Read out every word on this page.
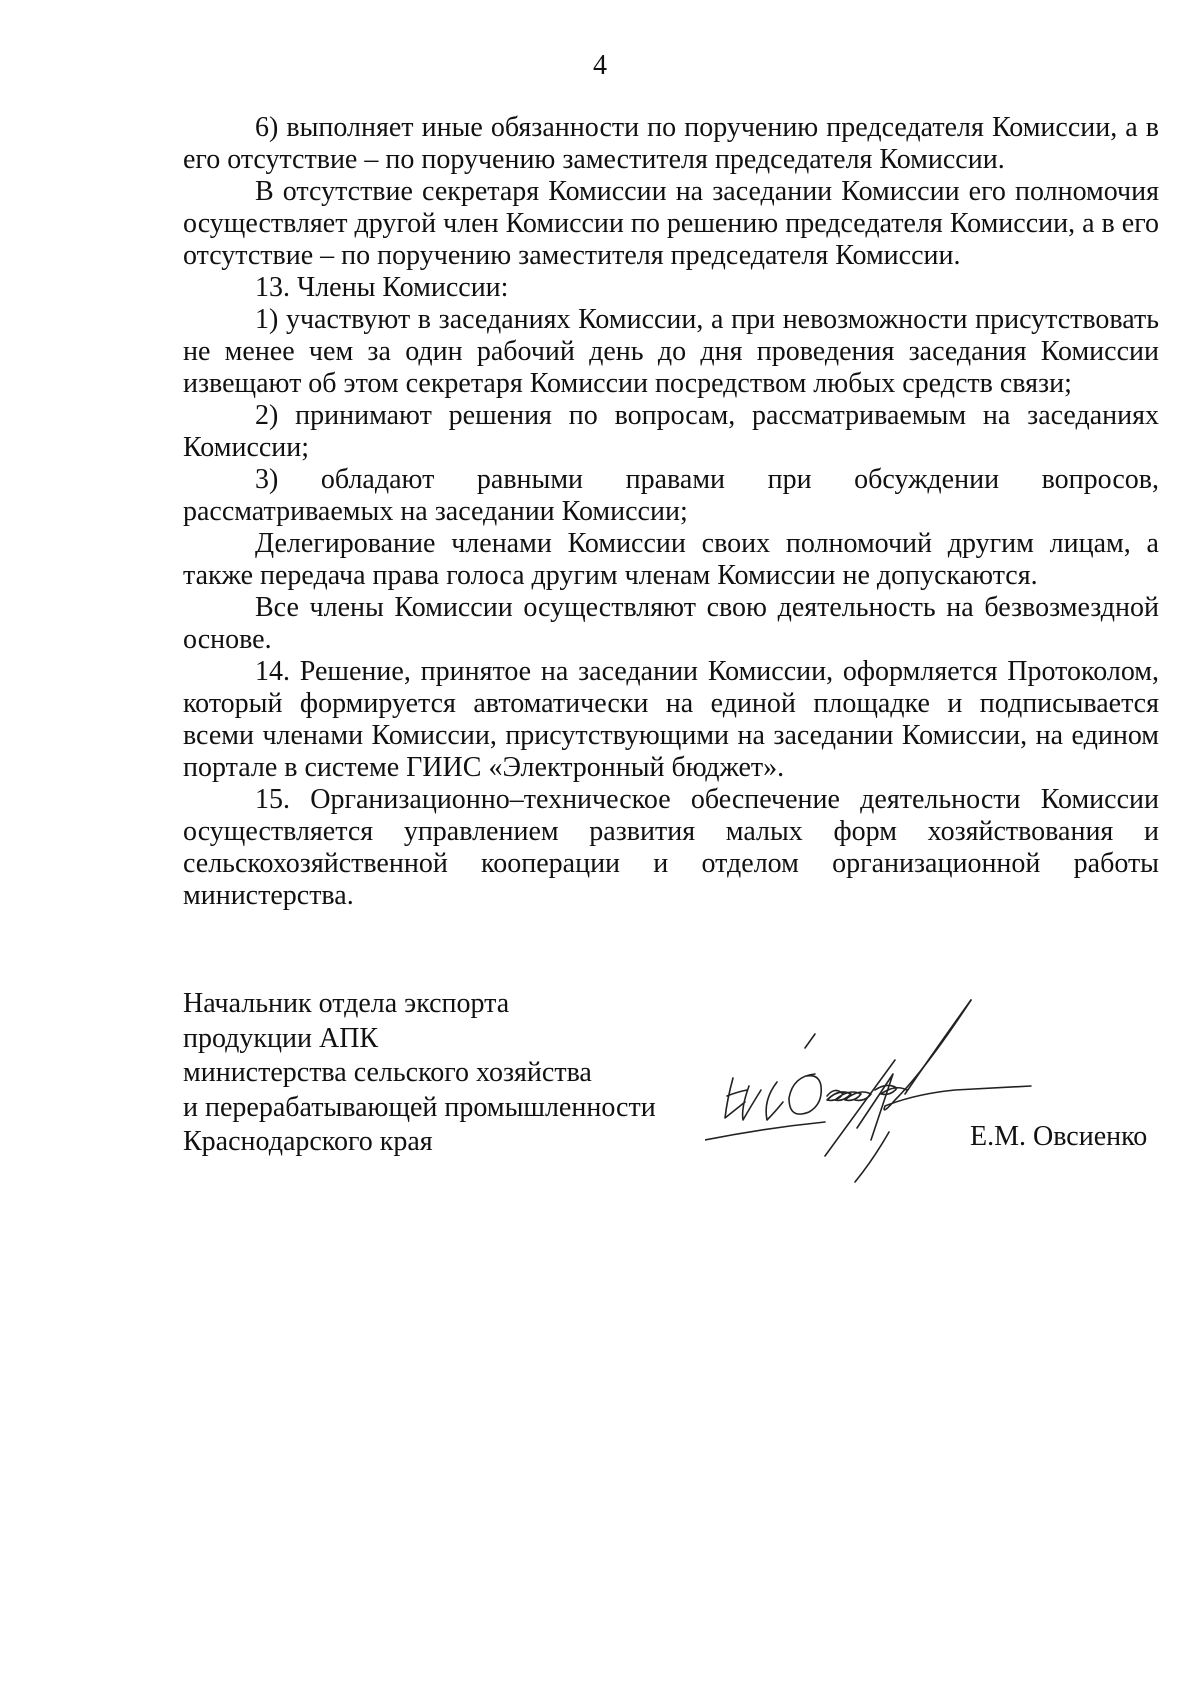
4

6) выполняет иные обязанности по поручению председателя Комиссии, а в его отсутствие – по поручению заместителя председателя Комиссии.

В отсутствие секретаря Комиссии на заседании Комиссии его полномочия осуществляет другой член Комиссии по решению председателя Комиссии, а в его отсутствие – по поручению заместителя председателя Комиссии.

13. Члены Комисcии:

1) участвуют в заседаниях Комиссии, а при невозможности присутствовать не менее чем за один рабочий день до дня проведения заседания Комиссии извещают об этом секретаря Комиссии посредством любых средств связи;

2) принимают решения по вопросам, рассматриваемым на заседаниях Комиссии;

3) обладают равными правами при обсуждении вопросов, рассматриваемых на заседании Комиссии;

Делегирование членами Комиссии своих полномочий другим лицам, а также передача права голоса другим членам Комиссии не допускаются.

Все члены Комиссии осуществляют свою деятельность на безвозмездной основе.

14. Решение, принятое на заседании Комиссии, оформляется Протоколом, который формируется автоматически на единой площадке и подписывается всеми членами Комиссии, присутствующими на заседании Комиссии, на едином портале в системе ГИИС «Электронный бюджет».

15. Организационно–техническое обеспечение деятельности Комиссии осуществляется управлением развития малых форм хозяйствования и сельскохозяйственной кооперации и отделом организационной работы министерства.

Начальник отдела экспорта
продукции АПК
министерства сельского хозяйства
и перерабатывающей промышленности
Краснодарского края	Е.М. Овсиенко
